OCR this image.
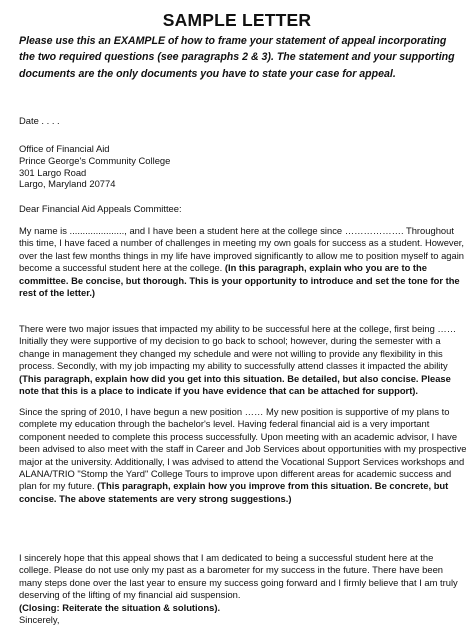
SAMPLE LETTER
Please use this an EXAMPLE of how to frame your statement of appeal incorporating the two required questions (see paragraphs 2 & 3). The statement and your supporting documents are the only documents you have to state your case for appeal.
Date . . . .
Office of Financial Aid
Prince George's Community College
301 Largo Road
Largo, Maryland 20774
Dear Financial Aid Appeals Committee:
My name is ....................., and I have been a student here at the college since ………………. Throughout this time, I have faced a number of challenges in meeting my own goals for success as a student. However, over the last few months things in my life have improved significantly to allow me to position myself to again become a successful student here at the college. (In this paragraph, explain who you are to the committee. Be concise, but thorough. This is your opportunity to introduce and set the tone for the rest of the letter.)
There were two major issues that impacted my ability to be successful here at the college, first being …… Initially they were supportive of my decision to go back to school; however, during the semester with a change in management they changed my schedule and were not willing to provide any flexibility in this process. Secondly, with my job impacting my ability to successfully attend classes it impacted the ability
(This paragraph, explain how did you get into this situation. Be detailed, but also concise. Please note that this is a place to indicate if you have evidence that can be attached for support).
Since the spring of 2010, I have begun a new position …… My new position is supportive of my plans to complete my education through the bachelor's level. Having federal financial aid is a very important component needed to complete this process successfully. Upon meeting with an academic advisor, I have been advised to also meet with the staff in Career and Job Services about opportunities with my prospective major at the university. Additionally, I was advised to attend the Vocational Support Services workshops and ALANA/TRIO "Stomp the Yard" College Tours to improve upon different areas for academic success and plan for my future. (This paragraph, explain how you improve from this situation. Be concrete, but concise. The above statements are very strong suggestions.)
I sincerely hope that this appeal shows that I am dedicated to being a successful student here at the college. Please do not use only my past as a barometer for my success in the future. There have been many steps done over the last year to ensure my success going forward and I firmly believe that I am truly deserving of the lifting of my financial aid suspension.
(Closing: Reiterate the situation & solutions).
Sincerely,
